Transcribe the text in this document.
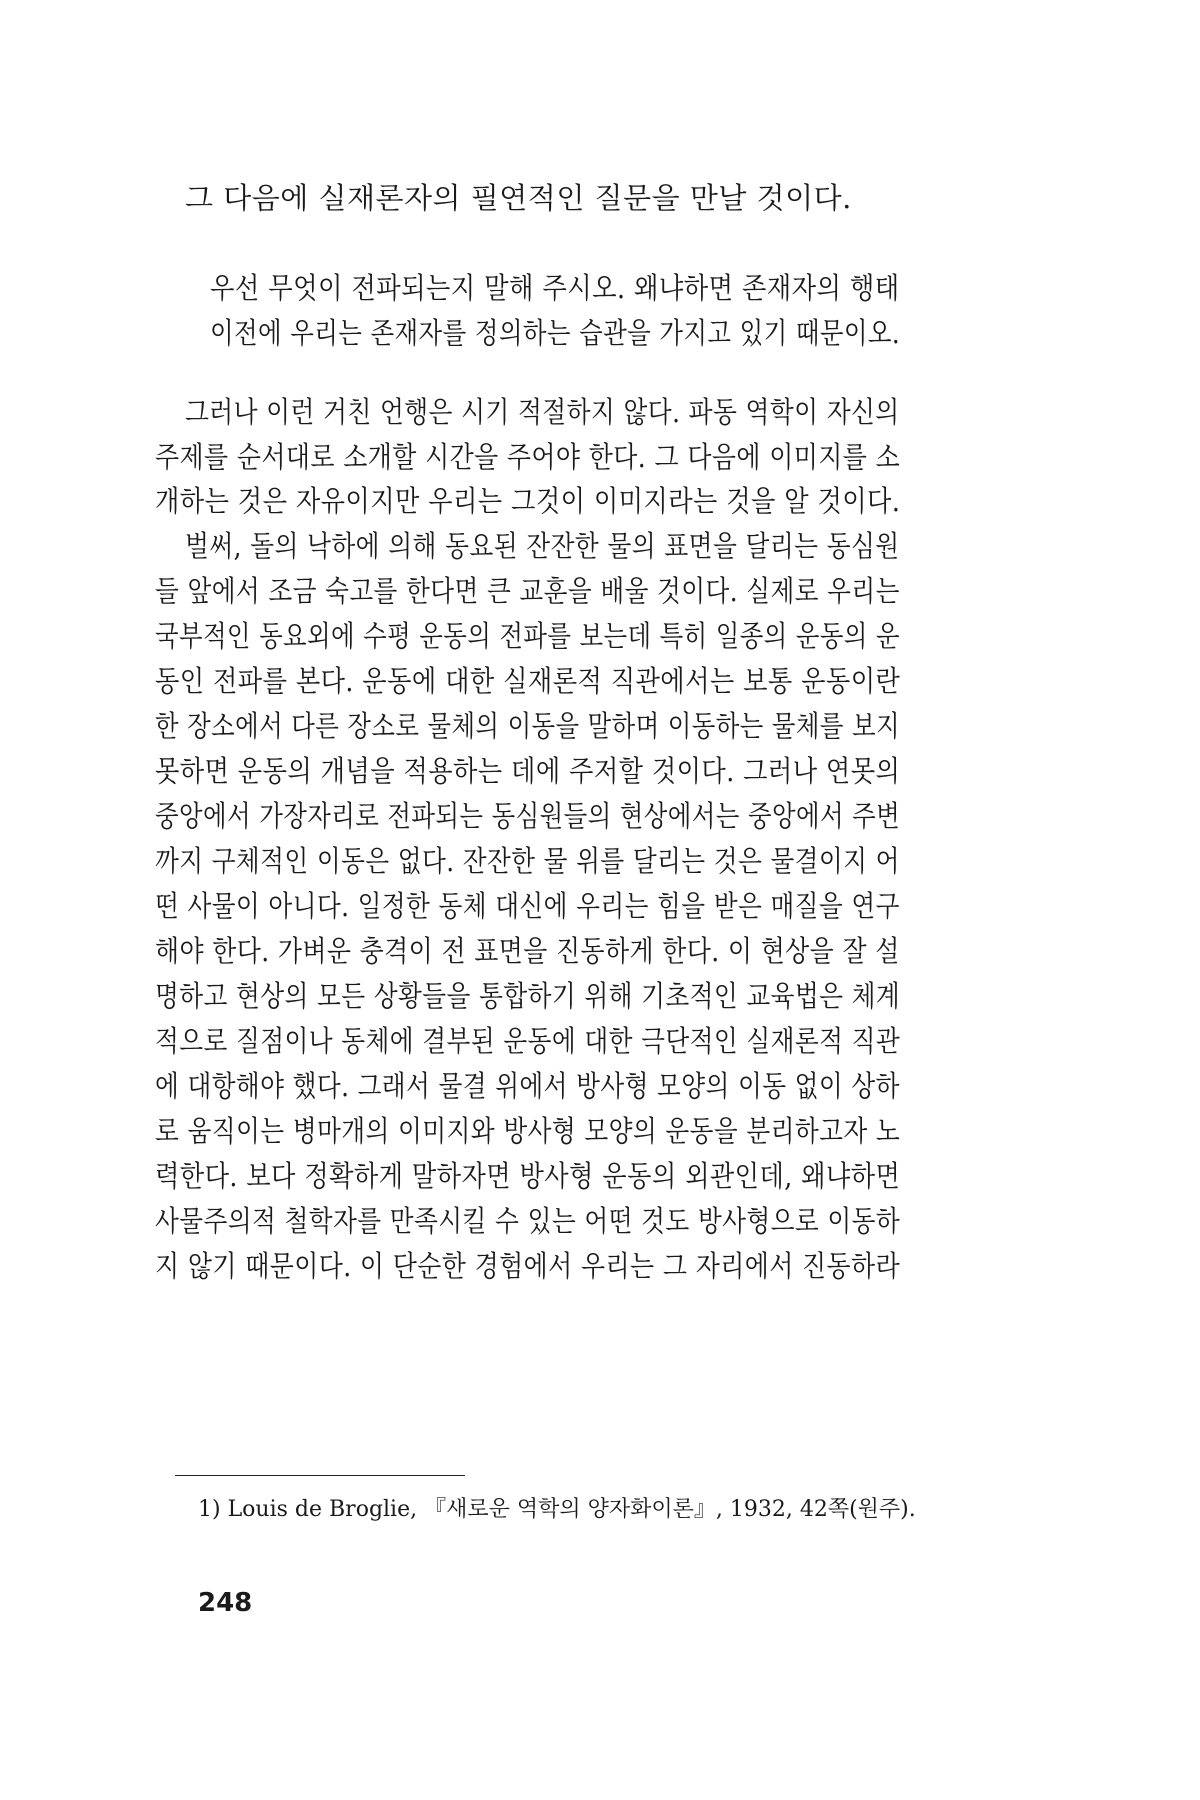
그 다음에 실재론자의 필연적인 질문을 만날 것이다.
우선 무엇이 전파되는지 말해 주시오. 왜냐하면 존재자의 행태
이전에 우리는 존재자를 정의하는 습관을 가지고 있기 때문이오.
그러나 이런 거친 언행은 시기 적절하지 않다. 파동 역학이 자신의
주제를 순서대로 소개할 시간을 주어야 한다. 그 다음에 이미지를 소
개하는 것은 자유이지만 우리는 그것이 이미지라는 것을 알 것이다.
벌써, 돌의 낙하에 의해 동요된 잔잔한 물의 표면을 달리는 동심원
들 앞에서 조금 숙고를 한다면 큰 교훈을 배울 것이다. 실제로 우리는
국부적인 동요외에 수평 운동의 전파를 보는데 특히 일종의 운동의 운
동인 전파를 본다. 운동에 대한 실재론적 직관에서는 보통 운동이란
한 장소에서 다른 장소로 물체의 이동을 말하며 이동하는 물체를 보지
못하면 운동의 개념을 적용하는 데에 주저할 것이다. 그러나 연못의
중앙에서 가장자리로 전파되는 동심원들의 현상에서는 중앙에서 주변
까지 구체적인 이동은 없다. 잔잔한 물 위를 달리는 것은 물결이지 어
떤 사물이 아니다. 일정한 동체 대신에 우리는 힘을 받은 매질을 연구
해야 한다. 가벼운 충격이 전 표면을 진동하게 한다. 이 현상을 잘 설
명하고 현상의 모든 상황들을 통합하기 위해 기초적인 교육법은 체계
적으로 질점이나 동체에 결부된 운동에 대한 극단적인 실재론적 직관
에 대항해야 했다. 그래서 물결 위에서 방사형 모양의 이동 없이 상하
로 움직이는 병마개의 이미지와 방사형 모양의 운동을 분리하고자 노
력한다. 보다 정확하게 말하자면 방사형 운동의 외관인데, 왜냐하면
사물주의적 철학자를 만족시킬 수 있는 어떤 것도 방사형으로 이동하
지 않기 때문이다. 이 단순한 경험에서 우리는 그 자리에서 진동하라
1) Louis de Broglie, 『새로운 역학의 양자화이론』, 1932, 42쪽(원주).
248
